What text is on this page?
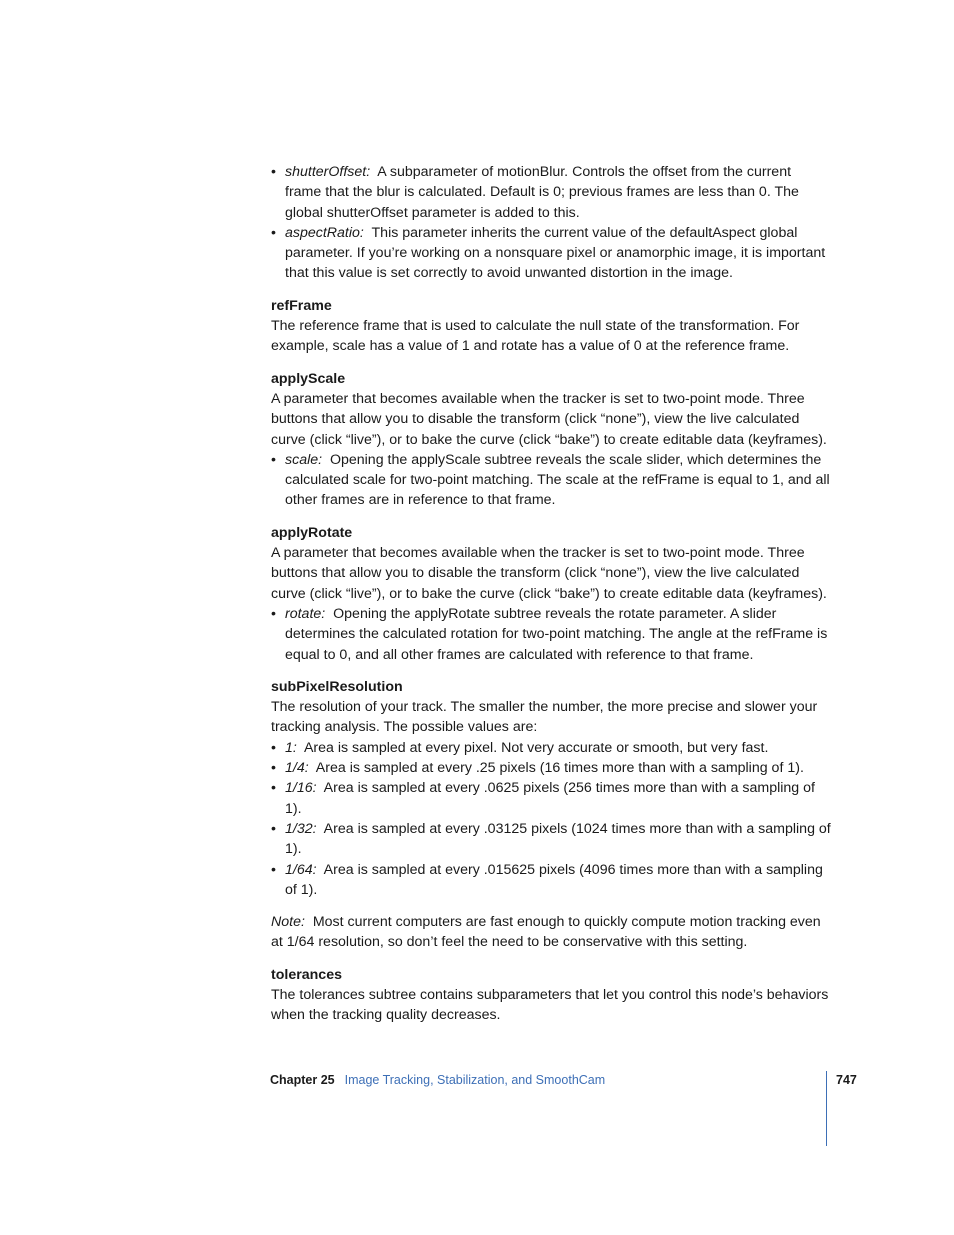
• shutterOffset: A subparameter of motionBlur. Controls the offset from the current frame that the blur is calculated. Default is 0; previous frames are less than 0. The global shutterOffset parameter is added to this.
• aspectRatio: This parameter inherits the current value of the defaultAspect global parameter. If you’re working on a nonsquare pixel or anamorphic image, it is important that this value is set correctly to avoid unwanted distortion in the image.
refFrame

The reference frame that is used to calculate the null state of the transformation. For example, scale has a value of 1 and rotate has a value of 0 at the reference frame.

applyScale

A parameter that becomes available when the tracker is set to two-point mode. Three buttons that allow you to disable the transform (click “none”), view the live calculated curve (click “live”), or to bake the curve (click “bake”) to create editable data (keyframes).

• scale: Opening the applyScale subtree reveals the scale slider, which determines the calculated scale for two-point matching. The scale at the refFrame is equal to 1, and all other frames are in reference to that frame.
applyRotate

A parameter that becomes available when the tracker is set to two-point mode. Three buttons that allow you to disable the transform (click “none”), view the live calculated curve (click “live”), or to bake the curve (click “bake”) to create editable data (keyframes).

• rotate: Opening the applyRotate subtree reveals the rotate parameter. A slider determines the calculated rotation for two-point matching. The angle at the refFrame is equal to 0, and all other frames are calculated with reference to that frame.
subPixelResolution

The resolution of your track. The smaller the number, the more precise and slower your tracking analysis. The possible values are:

• 1: Area is sampled at every pixel. Not very accurate or smooth, but very fast.
• 1/4: Area is sampled at every .25 pixels (16 times more than with a sampling of 1).
• 1/16: Area is sampled at every .0625 pixels (256 times more than with a sampling of 1).
• 1/32: Area is sampled at every .03125 pixels (1024 times more than with a sampling of 1).
• 1/64: Area is sampled at every .015625 pixels (4096 times more than with a sampling of 1).

Note: Most current computers are fast enough to quickly compute motion tracking even at 1/64 resolution, so don’t feel the need to be conservative with this setting.

tolerances

The tolerances subtree contains subparameters that let you control this node’s behaviors when the tracking quality decreases.

Chapter 25 Image Tracking, Stabilization, and SmoothCam	747
